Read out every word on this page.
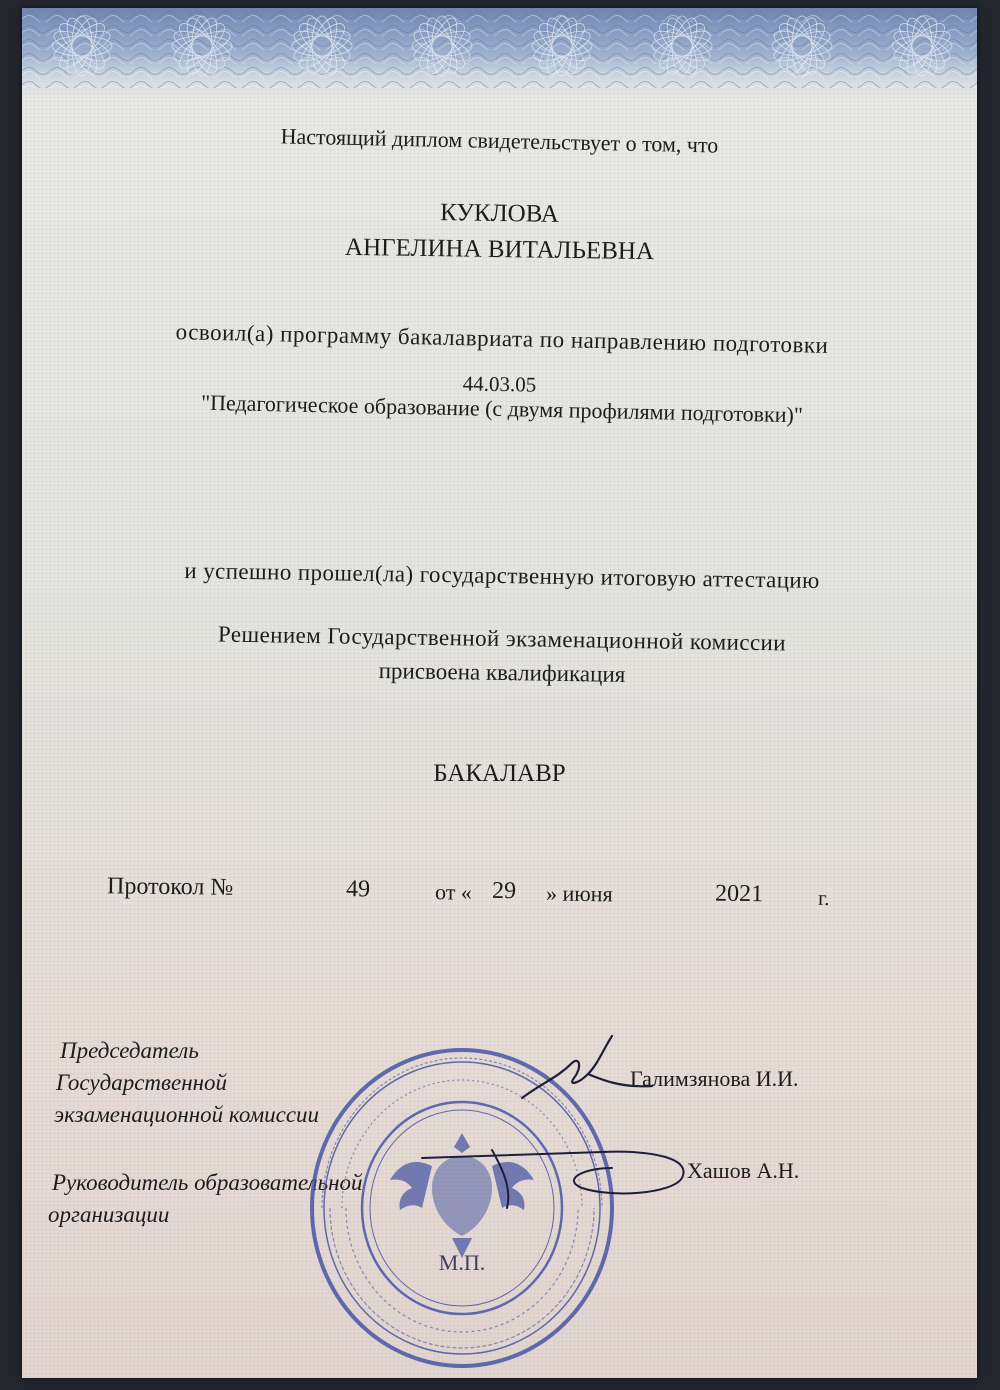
Настоящий диплом свидетельствует о том, что

КУКЛОВА

АНГЕЛИНА ВИТАЛЬЕВНА

освоил(а) программу бакалавриата по направлению подготовки

44.03.05

"Педагогическое образование (с двумя профилями подготовки)"

и успешно прошел(ла) государственную итоговую аттестацию

Решением Государственной экзаменационной комиссии

присвоена квалификация

БАКАЛАВР

Протокол №	49	от « 29 » июня	2021	г.

Председатель

Государственной

экзаменационной комиссии

Галимзянова И.И.

Руководитель образовательной

организации

Хашов А.Н.

М.П.
